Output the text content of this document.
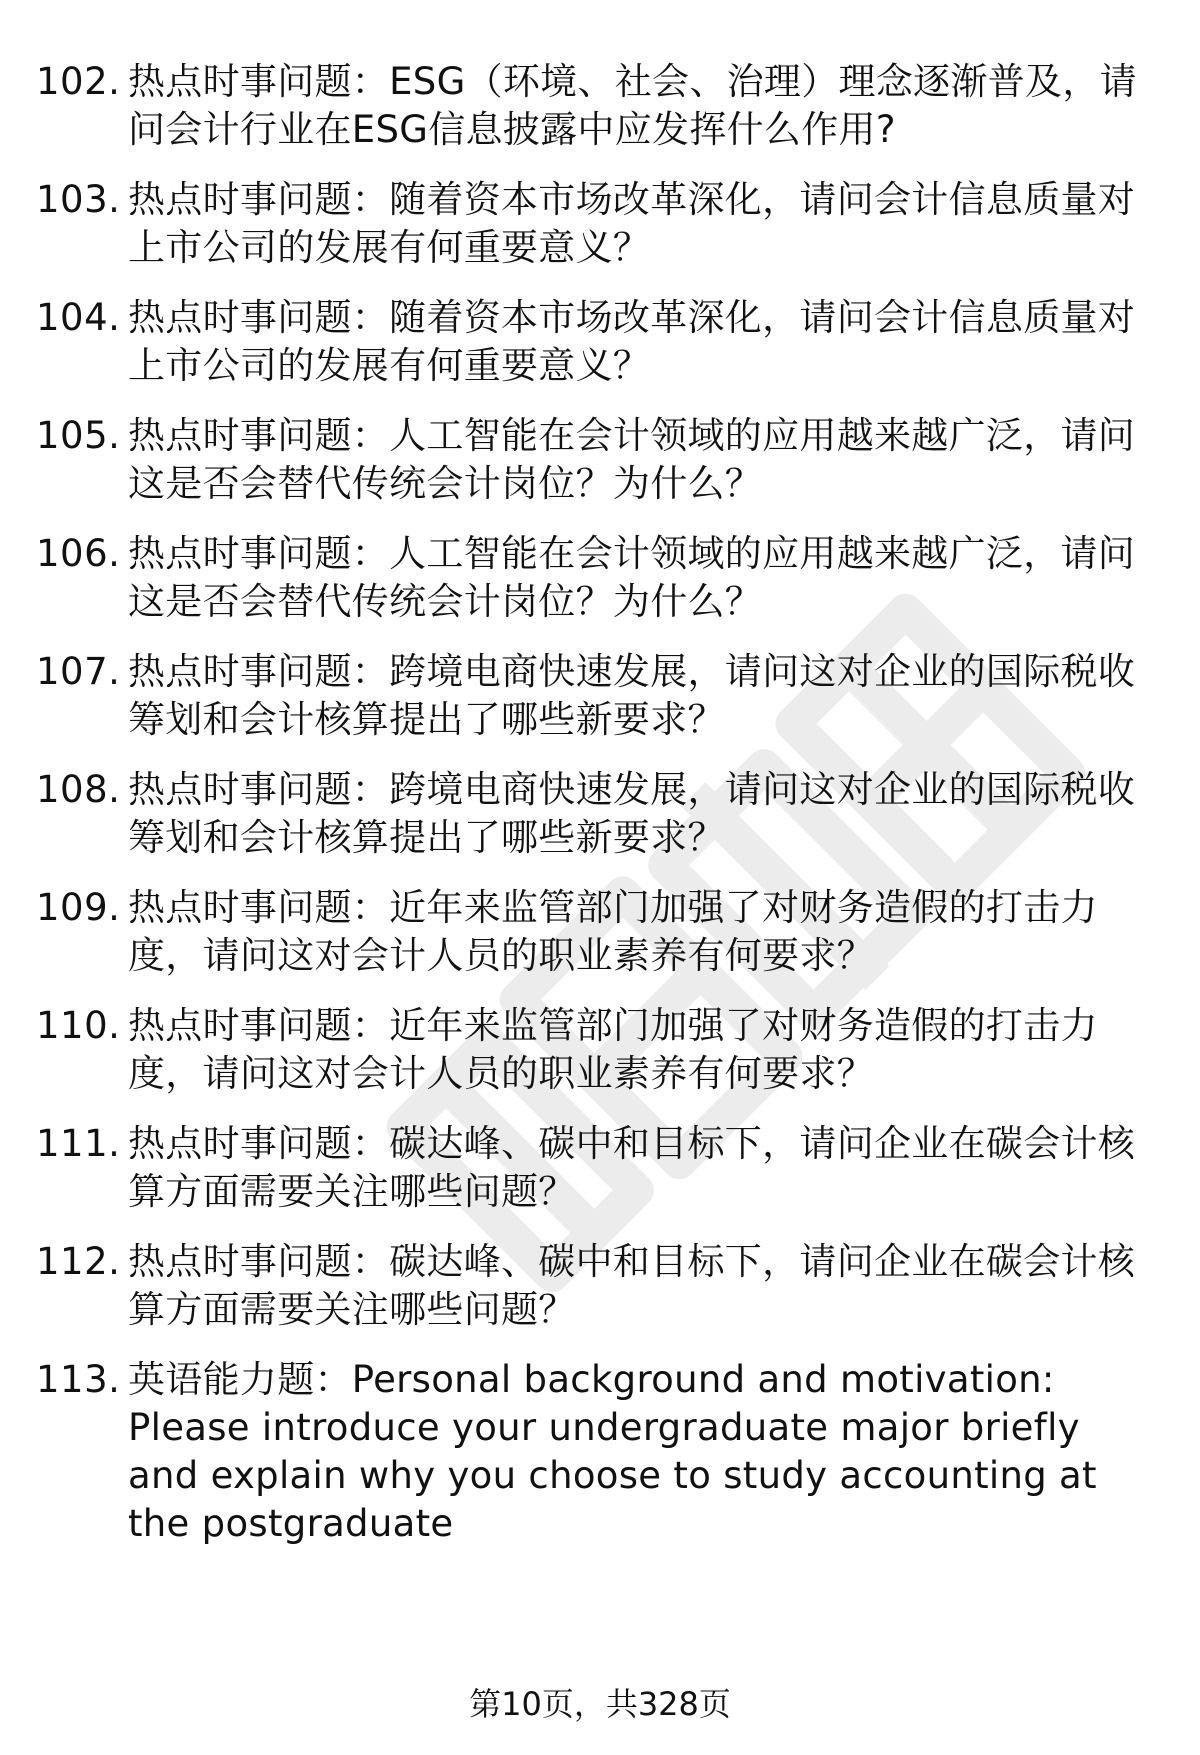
102. 热点时事问题：ESG（环境、社会、治理）理念逐渐普及，请问会计行业在ESG信息披露中应发挥什么作用?
103. 热点时事问题：随着资本市场改革深化，请问会计信息质量对上市公司的发展有何重要意义？
104. 热点时事问题：随着资本市场改革深化，请问会计信息质量对上市公司的发展有何重要意义？
105. 热点时事问题：人工智能在会计领域的应用越来越广泛，请问这是否会替代传统会计岗位？为什么？
106. 热点时事问题：人工智能在会计领域的应用越来越广泛，请问这是否会替代传统会计岗位？为什么？
107. 热点时事问题：跨境电商快速发展，请问这对企业的国际税收筹划和会计核算提出了哪些新要求？
108. 热点时事问题：跨境电商快速发展，请问这对企业的国际税收筹划和会计核算提出了哪些新要求？
109. 热点时事问题：近年来监管部门加强了对财务造假的打击力度，请问这对会计人员的职业素养有何要求？
110. 热点时事问题：近年来监管部门加强了对财务造假的打击力度，请问这对会计人员的职业素养有何要求？
111. 热点时事问题：碳达峰、碳中和目标下，请问企业在碳会计核算方面需要关注哪些问题？
112. 热点时事问题：碳达峰、碳中和目标下，请问企业在碳会计核算方面需要关注哪些问题？
113. 英语能力题：Personal background and motivation: Please introduce your undergraduate major briefly and explain why you choose to study accounting at the postgraduate
第10页，共328页
